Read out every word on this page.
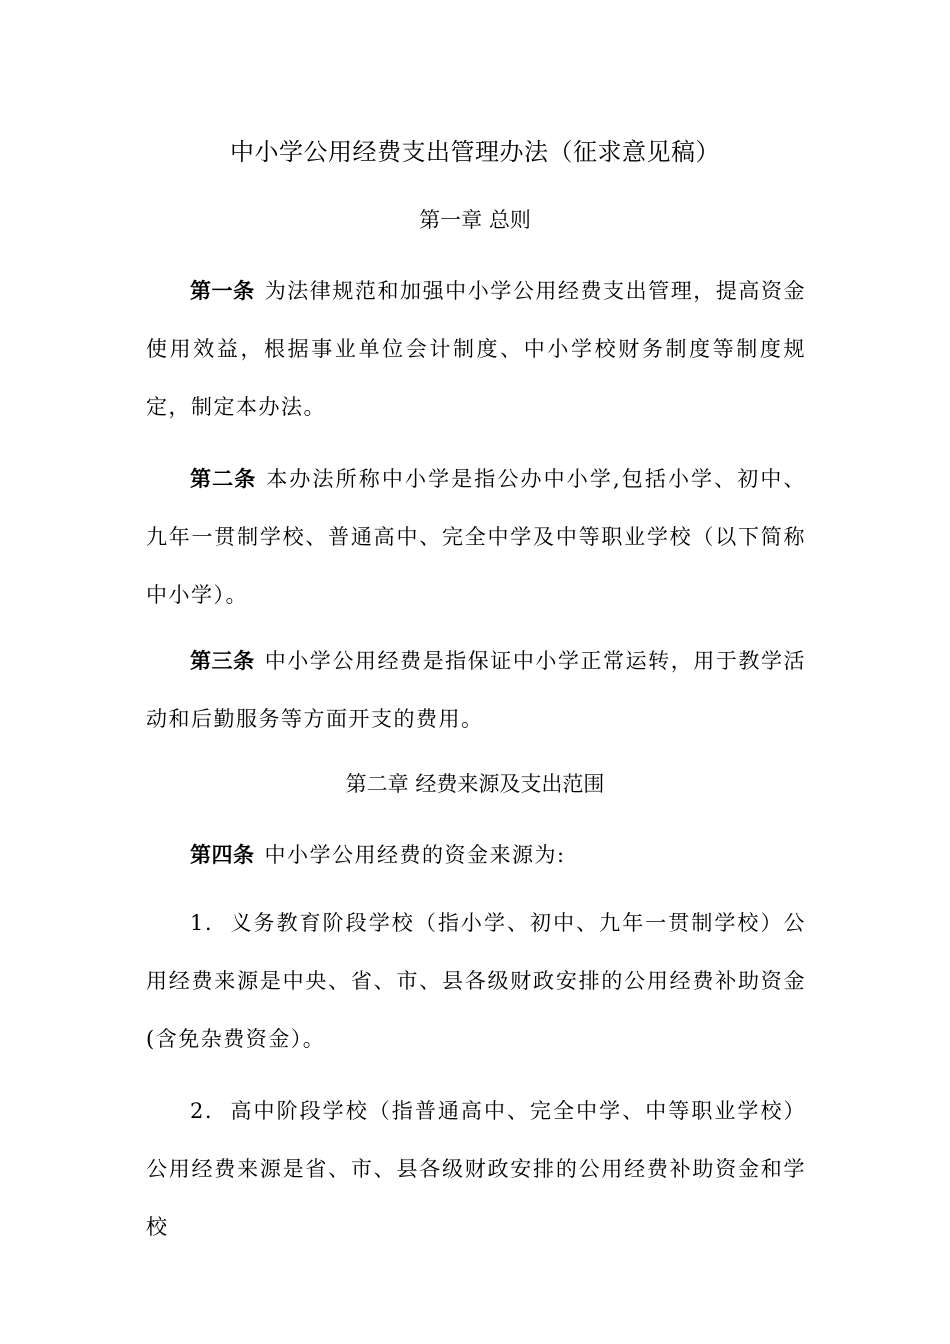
中小学公用经费支出管理办法（征求意见稿）
第一章 总则

第一条 为法律规范和加强中小学公用经费支出管理，提高资金使用效益，根据事业单位会计制度、中小学校财务制度等制度规定，制定本办法。

第二条 本办法所称中小学是指公办中小学,包括小学、初中、九年一贯制学校、普通高中、完全中学及中等职业学校（以下简称中小学）。

第三条 中小学公用经费是指保证中小学正常运转，用于教学活动和后勤服务等方面开支的费用。

第二章 经费来源及支出范围

第四条 中小学公用经费的资金来源为:

1. 义务教育阶段学校（指小学、初中、九年一贯制学校）公用经费来源是中央、省、市、县各级财政安排的公用经费补助资金(含免杂费资金）。

2. 高中阶段学校（指普通高中、完全中学、中等职业学校）公用经费来源是省、市、县各级财政安排的公用经费补助资金和学校
